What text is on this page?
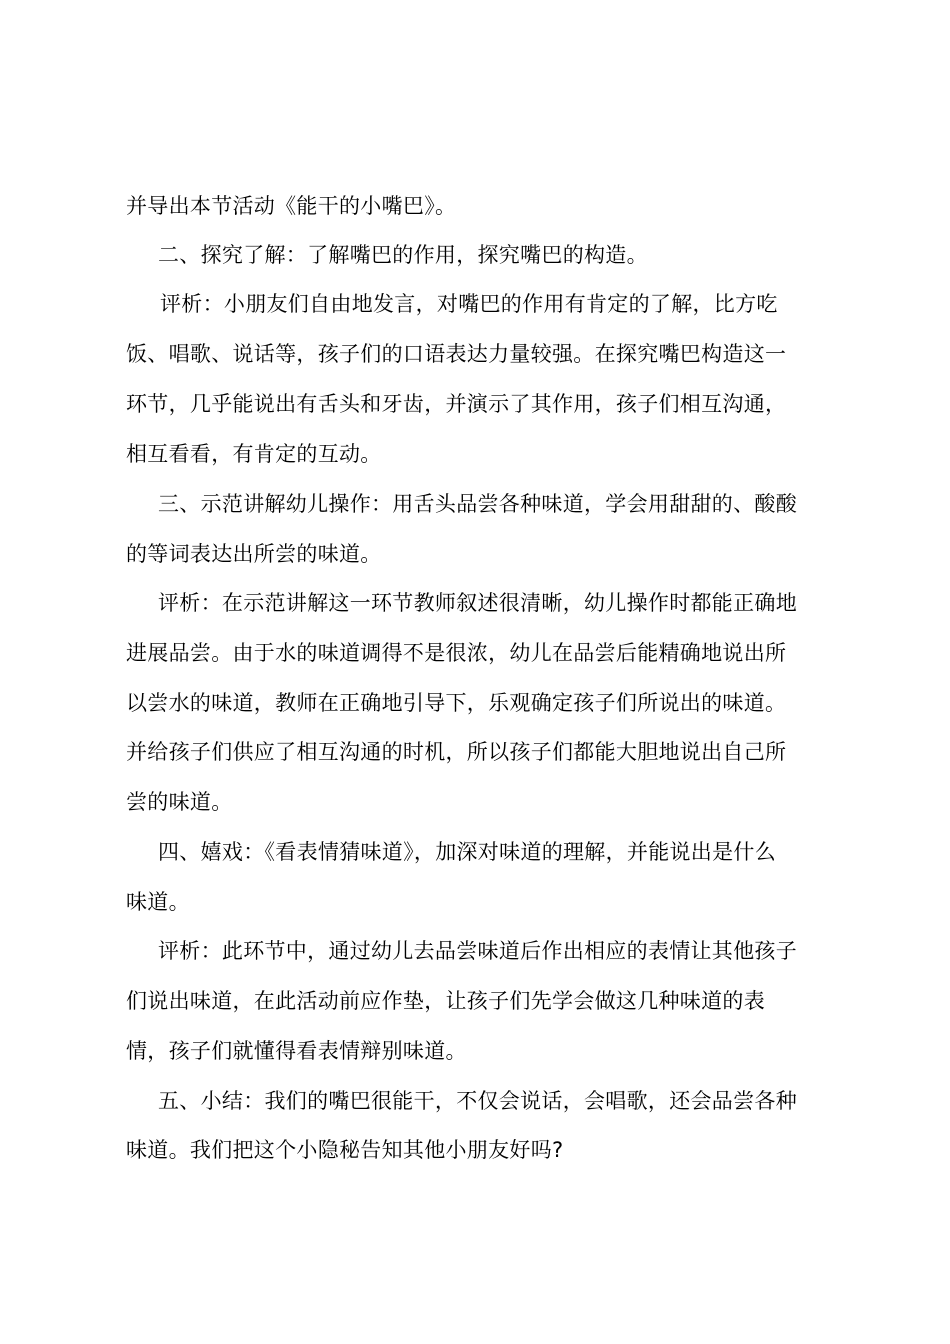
并导出本节活动《能干的小嘴巴》。
二、探究了解：了解嘴巴的作用，探究嘴巴的构造。
评析：小朋友们自由地发言，对嘴巴的作用有肯定的了解，比方吃
饭、唱歌、说话等，孩子们的口语表达力量较强。在探究嘴巴构造这一
环节，几乎能说出有舌头和牙齿，并演示了其作用，孩子们相互沟通，
相互看看，有肯定的互动。
三、示范讲解幼儿操作：用舌头品尝各种味道，学会用甜甜的、酸酸
的等词表达出所尝的味道。
评析：在示范讲解这一环节教师叙述很清晰，幼儿操作时都能正确地
进展品尝。由于水的味道调得不是很浓，幼儿在品尝后能精确地说出所
以尝水的味道，教师在正确地引导下，乐观确定孩子们所说出的味道。
并给孩子们供应了相互沟通的时机，所以孩子们都能大胆地说出自己所
尝的味道。
四、嬉戏：《看表情猜味道》，加深对味道的理解，并能说出是什么
味道。
评析：此环节中，通过幼儿去品尝味道后作出相应的表情让其他孩子
们说出味道，在此活动前应作垫，让孩子们先学会做这几种味道的表
情，孩子们就懂得看表情辩别味道。
五、小结：我们的嘴巴很能干，不仅会说话，会唱歌，还会品尝各种
味道。我们把这个小隐秘告知其他小朋友好吗?
